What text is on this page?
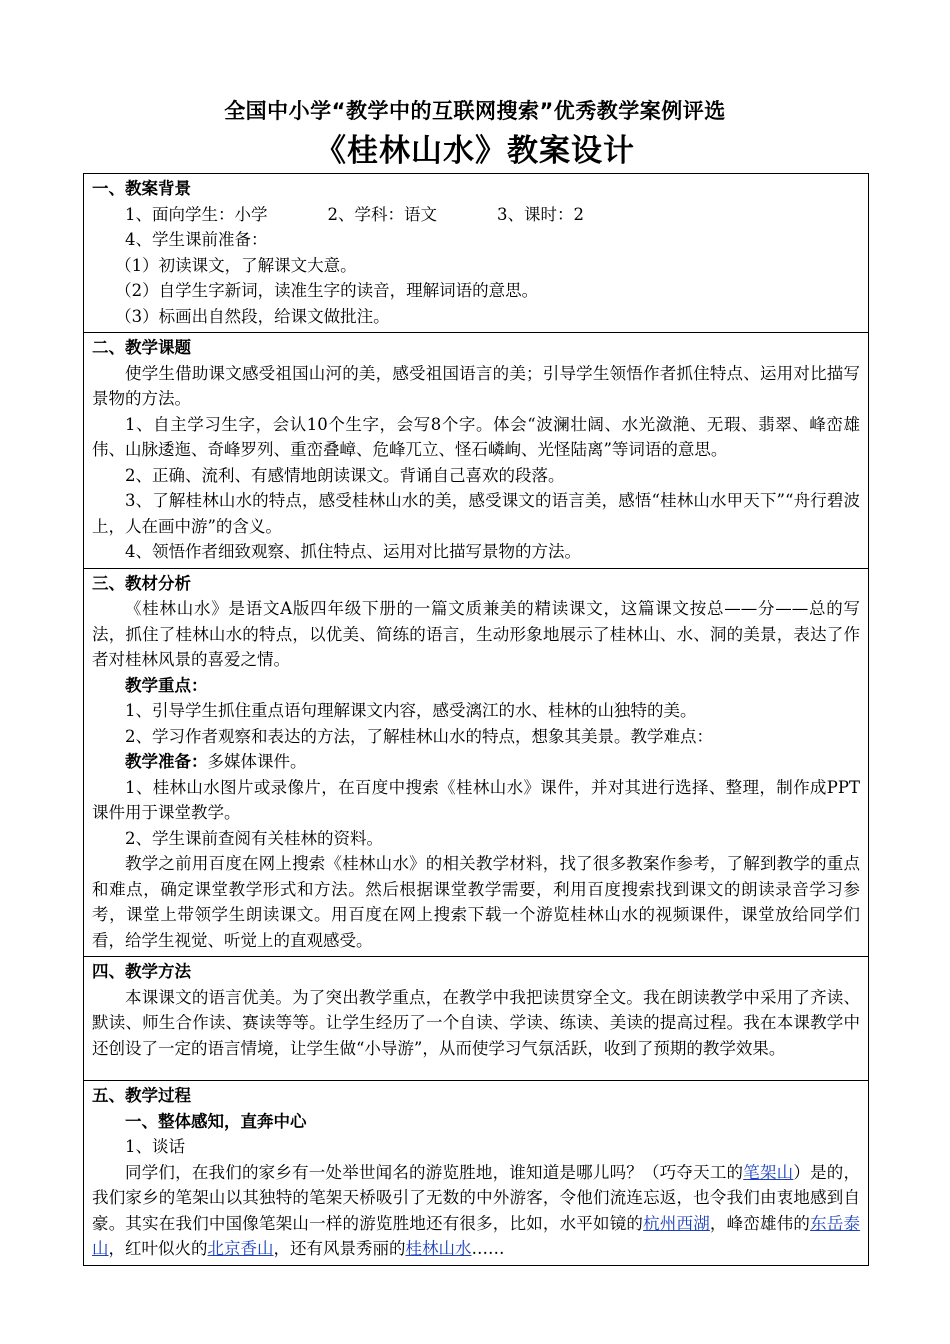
全国中小学“教学中的互联网搜索”优秀教学案例评选
《桂林山水》教案设计
一、教案背景
1、面向学生：小学	2、学科：语文	3、课时：2
4、学生课前准备：
（1）初读课文，了解课文大意。
（2）自学生字新词，读准生字的读音，理解词语的意思。
（3）标画出自然段，给课文做批注。

二、教学课题

使学生借助课文感受祖国山河的美，感受祖国语言的美；引导学生领悟作者抓住特点、运用对比描写景物的方法。

1、自主学习生字，会认10个生字，会写8个字。体会“波澜壮阔、水光潋滟、无瑕、翡翠、峰峦雄伟、山脉逶迤、奇峰罗列、重峦叠嶂、危峰兀立、怪石嶙峋、光怪陆离”等词语的意思。

2、正确、流利、有感情地朗读课文。背诵自己喜欢的段落。

3、了解桂林山水的特点，感受桂林山水的美，感受课文的语言美，感悟“桂林山水甲天下”“舟行碧波上，人在画中游”的含义。

4、领悟作者细致观察、抓住特点、运用对比描写景物的方法。

三、教材分析

《桂林山水》是语文A版四年级下册的一篇文质兼美的精读课文，这篇课文按总——分——总的写法，抓住了桂林山水的特点，以优美、简练的语言，生动形象地展示了桂林山、水、洞的美景，表达了作者对桂林风景的喜爱之情。

教学重点：

1、引导学生抓住重点语句理解课文内容，感受漓江的水、桂林的山独特的美。

2、学习作者观察和表达的方法，了解桂林山水的特点，想象其美景。教学难点：

教学准备：多媒体课件。

1、桂林山水图片或录像片，在百度中搜索《桂林山水》课件，并对其进行选择、整理，制作成PPT课件用于课堂教学。

2、学生课前查阅有关桂林的资料。

教学之前用百度在网上搜索《桂林山水》的相关教学材料，找了很多教案作参考，了解到教学的重点和难点，确定课堂教学形式和方法。然后根据课堂教学需要，利用百度搜索找到课文的朗读录音学习参考，课堂上带领学生朗读课文。用百度在网上搜索下载一个游览桂林山水的视频课件，课堂放给同学们看，给学生视觉、听觉上的直观感受。

四、教学方法

本课课文的语言优美。为了突出教学重点，在教学中我把读贯穿全文。我在朗读教学中采用了齐读、默读、师生合作读、赛读等等。让学生经历了一个自读、学读、练读、美读的提高过程。我在本课教学中还创设了一定的语言情境，让学生做“小导游”，从而使学习气氛活跃，收到了预期的教学效果。

五、教学过程
一、整体感知，直奔中心
1、谈话

同学们，在我们的家乡有一处举世闻名的游览胜地，谁知道是哪儿吗？（巧夺天工的笔架山）是的，我们家乡的笔架山以其独特的笔架天桥吸引了无数的中外游客，令他们流连忘返，也令我们由衷地感到自豪。其实在我们中国像笔架山一样的游览胜地还有很多，比如，水平如镜的杭州西湖，峰峦雄伟的东岳泰山，红叶似火的北京香山，还有风景秀丽的桂林山水……
